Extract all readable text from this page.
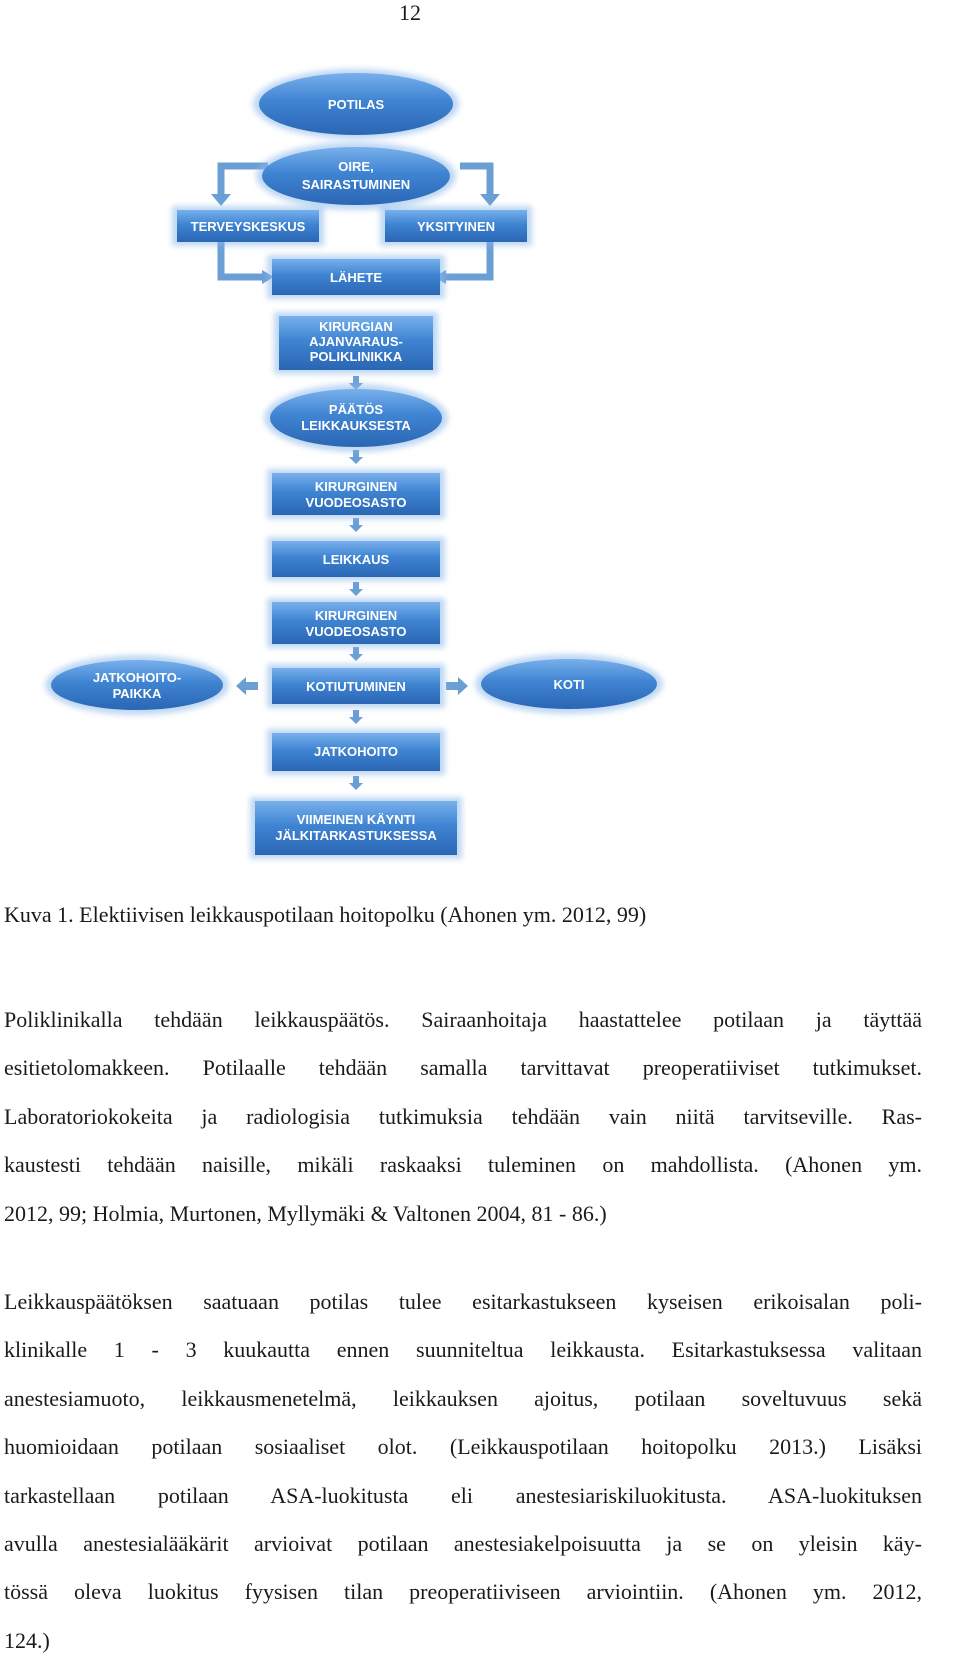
12
POTILAS
OIRE,
SAIRASTUMINEN
TERVEYSKESKUS	YKSITYINEN
LÄHETE
KIRURGIAN
AJANVARAUS-
POLIKLINIKKA
PÄÄTÖS
LEIKKAUKSESTA
KIRURGINEN
VUODEOSASTO
LEIKKAUS
KIRURGINEN
VUODEOSASTO
JATKOHOITO-
PAIKKA	KOTIUTUMINEN	KOTI
JATKOHOITO
VIIMEINEN KÄYNTI
JÄLKITARKASTUKSESSA
Kuva 1. Elektiivisen leikkauspotilaan hoitopolku (Ahonen ym. 2012, 99)
Poliklinikalla tehdään leikkauspäätös. Sairaanhoitaja haastattelee potilaan ja täyttää
esitietolomakkeen. Potilaalle tehdään samalla tarvittavat preoperatiiviset tutkimukset.
Laboratoriokokeita ja radiologisia tutkimuksia tehdään vain niitä tarvitseville. Ras-
kaustesti tehdään naisille, mikäli raskaaksi tuleminen on mahdollista. (Ahonen ym.
2012, 99; Holmia, Murtonen, Myllymäki & Valtonen 2004, 81 - 86.)
Leikkauspäätöksen saatuaan potilas tulee esitarkastukseen kyseisen erikoisalan poli-
klinikalle 1 - 3 kuukautta ennen suunniteltua leikkausta. Esitarkastuksessa valitaan
anestesiamuoto, leikkausmenetelmä, leikkauksen ajoitus, potilaan soveltuvuus sekä
huomioidaan potilaan sosiaaliset olot. (Leikkauspotilaan hoitopolku 2013.) Lisäksi
tarkastellaan potilaan ASA-luokitusta eli anestesiariskiluokitusta. ASA-luokituksen
avulla anestesialääkärit arvioivat potilaan anestesiakelpoisuutta ja se on yleisin käy-
tössä oleva luokitus fyysisen tilan preoperatiiviseen arviointiin. (Ahonen ym. 2012,
124.)
